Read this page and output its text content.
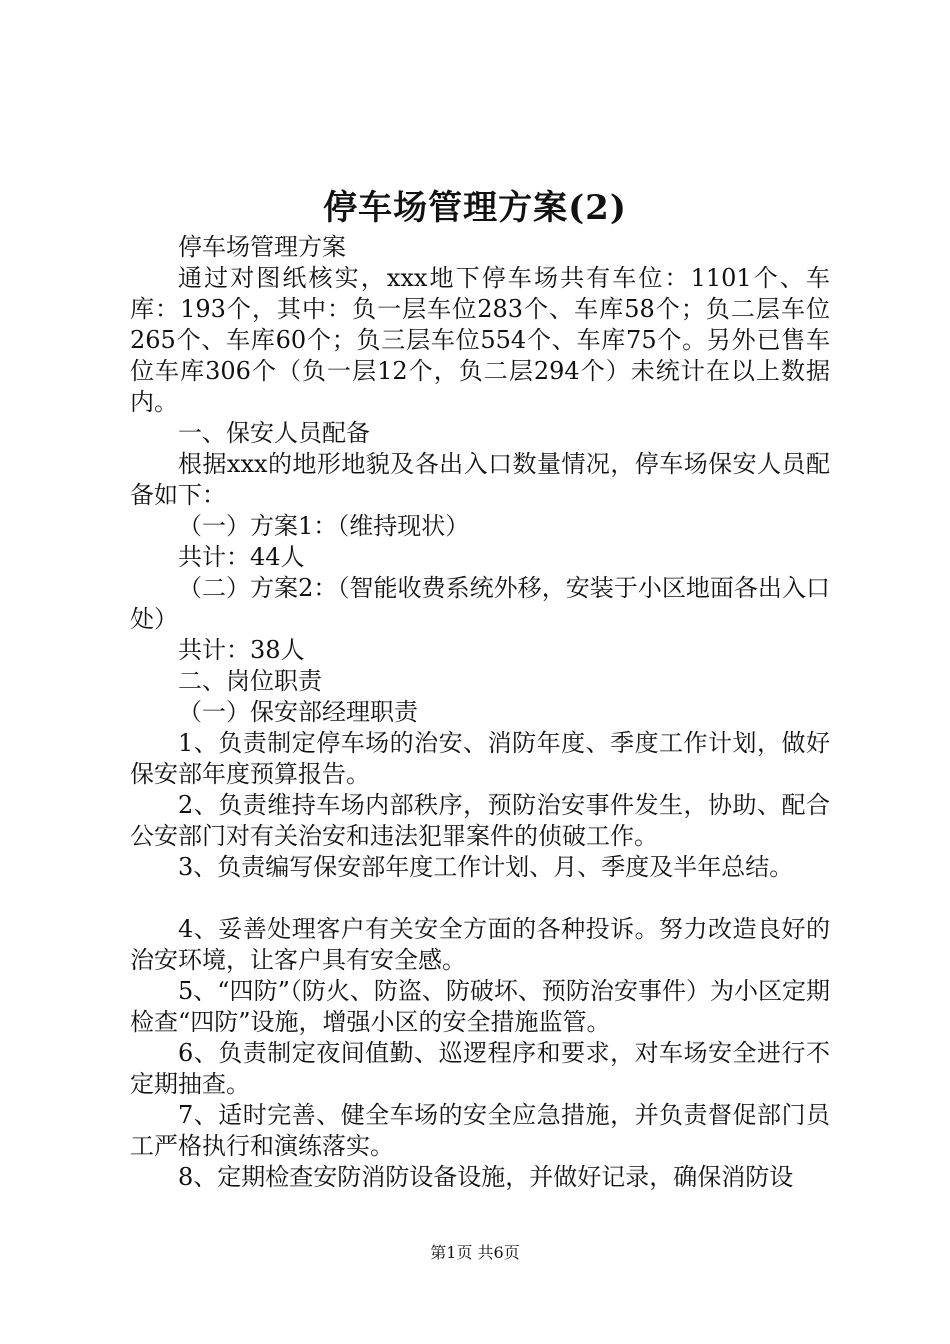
停车场管理方案(2)

停车场管理方案

通过对图纸核实，xxx地下停车场共有车位：1101个、车库：193个，其中：负一层车位283个、车库58个；负二层车位265个、车库60个；负三层车位554个、车库75个。另外已售车位车库306个（负一层12个，负二层294个）未统计在以上数据内。

一、保安人员配备

根据xxx的地形地貌及各出入口数量情况，停车场保安人员配备如下：

（一）方案1：（维持现状）

共计：44人

（二）方案2：（智能收费系统外移，安装于小区地面各出入口处）

共计：38人

二、岗位职责

（一）保安部经理职责

1、负责制定停车场的治安、消防年度、季度工作计划，做好保安部年度预算报告。

2、负责维持车场内部秩序，预防治安事件发生，协助、配合公安部门对有关治安和违法犯罪案件的侦破工作。

3、负责编写保安部年度工作计划、月、季度及半年总结。

4、妥善处理客户有关安全方面的各种投诉。努力改造良好的治安环境，让客户具有安全感。

5、“四防”（防火、防盗、防破坏、预防治安事件）为小区定期检查“四防”设施，增强小区的安全措施监管。

6、负责制定夜间值勤、巡逻程序和要求，对车场安全进行不定期抽查。

7、适时完善、健全车场的安全应急措施，并负责督促部门员工严格执行和演练落实。

8、定期检查安防消防设备设施，并做好记录，确保消防设

第1页 共6页
